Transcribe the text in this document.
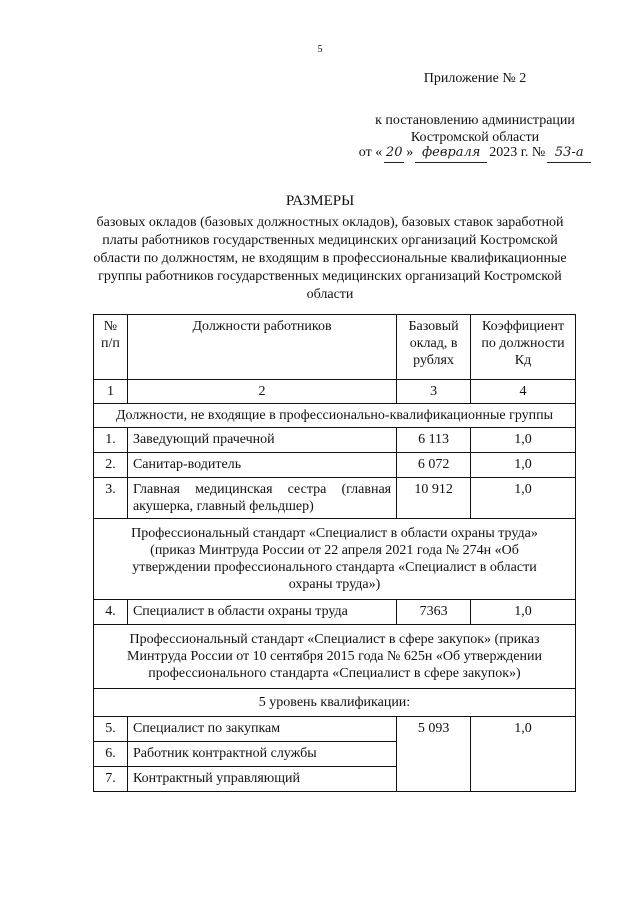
5
Приложение № 2
к постановлению администрации
Костромской области
от « 20 » февраля 2023 г. № 53-а
РАЗМЕРЫ
базовых окладов (базовых должностных окладов), базовых ставок заработной платы работников государственных медицинских организаций Костромской области по должностям, не входящим в профессиональные квалификационные группы работников государственных медицинских организаций Костромской области
№ п/п	Должности работников	Базовый оклад, в рублях	Коэффициент по должности Кд
1	2	3	4
Должности, не входящие в профессионально-квалификационные группы			
1.	Заведующий прачечной	6 113	1,0
2.	Санитар-водитель	6 072	1,0
3.	Главная медицинская сестра (главная акушерка, главный фельдшер)	10 912	1,0
Профессиональный стандарт «Специалист в области охраны труда» (приказ Минтруда России от 22 апреля 2021 года № 274н «Об утверждении профессионального стандарта «Специалист в области охраны труда»)			
4.	Специалист в области охраны труда	7363	1,0
Профессиональный стандарт «Специалист в сфере закупок» (приказ Минтруда России от 10 сентября 2015 года № 625н «Об утверждении профессионального стандарта «Специалист в сфере закупок»)			
5 уровень квалификации:			
5.	Специалист по закупкам	5 093	1,0
6.	Работник контрактной службы		
7.	Контрактный управляющий		
